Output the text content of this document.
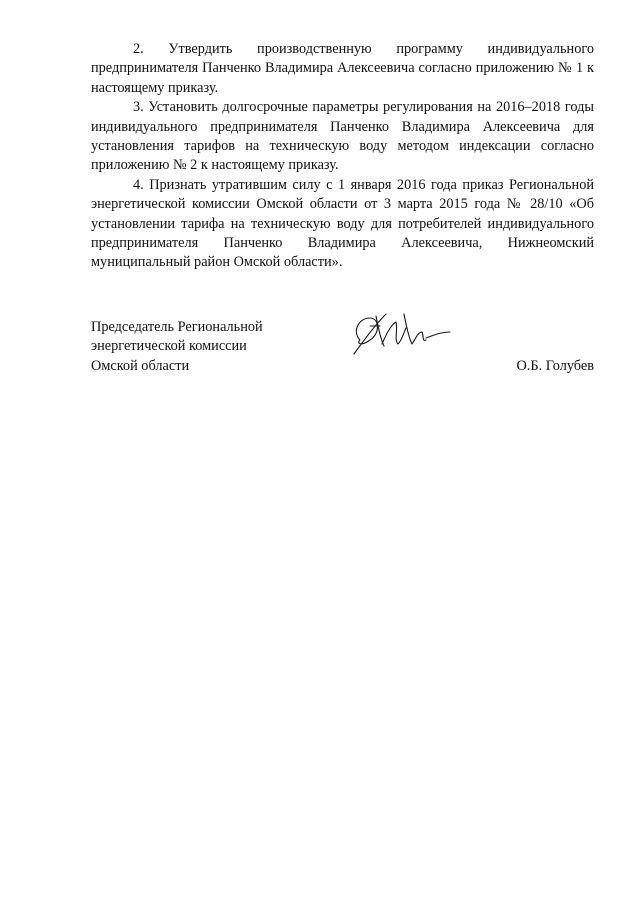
2. Утвердить производственную программу индивидуального предпринимателя Панченко Владимира Алексеевича согласно приложению № 1 к настоящему приказу.

3. Установить долгосрочные параметры регулирования на 2016–2018 годы индивидуального предпринимателя Панченко Владимира Алексеевича для установления тарифов на техническую воду методом индексации согласно приложению № 2 к настоящему приказу.

4. Признать утратившим силу с 1 января 2016 года приказ Региональной энергетической комиссии Омской области от 3 марта 2015 года № 28/10 «Об установлении тарифа на техническую воду для потребителей индивидуального предпринимателя Панченко Владимира Алексеевича, Нижнеомский муниципальный район Омской области».

Председатель Региональной
энергетической комиссии
Омской области	О.Б. Голубев
